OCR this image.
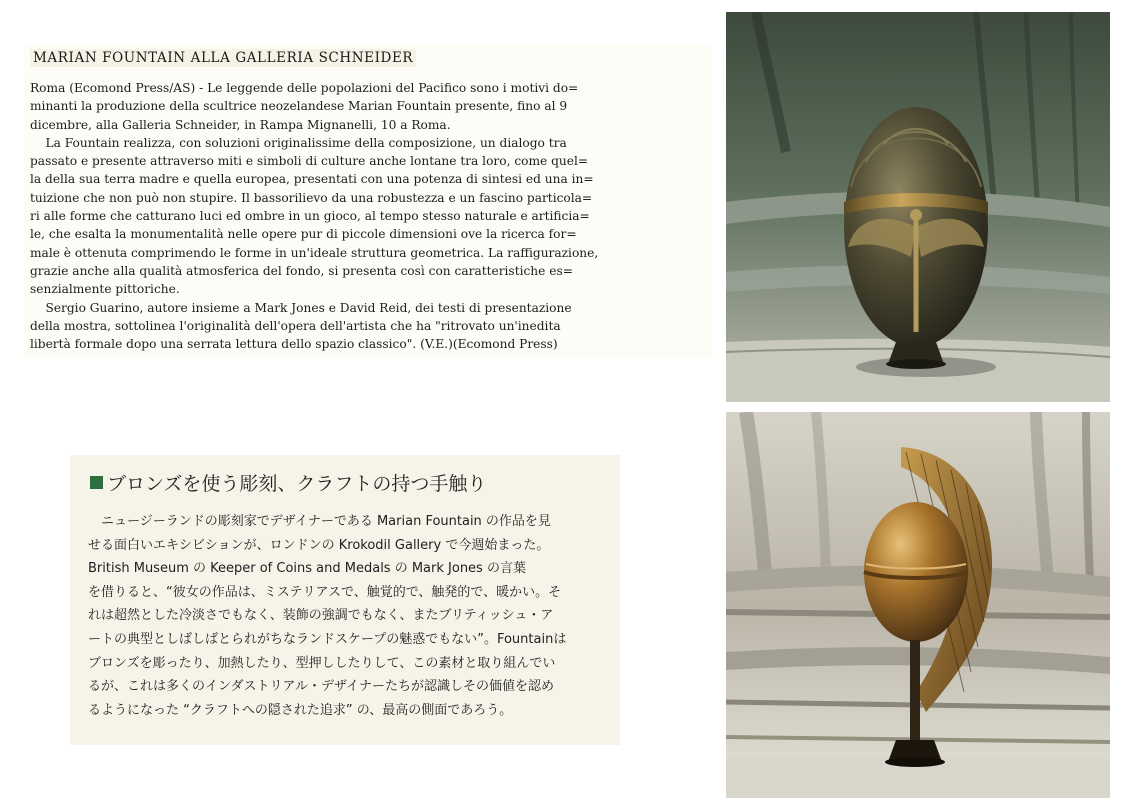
MARIAN FOUNTAIN ALLA GALLERIA SCHNEIDER
Roma (Ecomond Press/AS) - Le leggende delle popolazioni del Pacifico sono i motivi do=
minanti la produzione della scultrice neozelandese Marian Fountain presente, fino al 9
dicembre, alla Galleria Schneider, in Rampa Mignanelli, 10 a Roma.
La Fountain realizza, con soluzioni originalissime della composizione, un dialogo tra
passato e presente attraverso miti e simboli di culture anche lontane tra loro, come quel=
la della sua terra madre e quella europea, presentati con una potenza di sintesi ed una in=
tuizione che non può non stupire. Il bassorilievo da una robustezza e un fascino particola=
ri alle forme che catturano luci ed ombre in un gioco, al tempo stesso naturale e artificia=
le, che esalta la monumentalità nelle opere pur di piccole dimensioni ove la ricerca for=
male è ottenuta comprimendo le forme in un'ideale struttura geometrica. La raffigurazione,
grazie anche alla qualità atmosferica del fondo, si presenta così con caratteristiche es=
senzialmente pittoriche.
Sergio Guarino, autore insieme a Mark Jones e David Reid, dei testi di presentazione
della mostra, sottolinea l'originalità dell'opera dell'artista che ha "ritrovato un'inedita
libertà formale dopo una serrata lettura dello spazio classico". (V.E.)(Ecomond Press)
ブロンズを使う彫刻、クラフトの持つ手触り
　ニュージーランドの彫刻家でデザイナーである Marian Fountain の作品を見
せる面白いエキシビションが、ロンドンの Krokodil Gallery で今週始まった。
British Museum の Keeper of Coins and Medals の Mark Jones の言葉
を借りると、“彼女の作品は、ミステリアスで、触覚的で、触発的で、暖かい。そ
れは超然とした冷淡さでもなく、装飾の強調でもなく、またブリティッシュ・ア
ートの典型としばしばとられがちなランドスケープの魅惑でもない”。Fountainは
ブロンズを彫ったり、加熱したり、型押ししたりして、この素材と取り組んでい
るが、これは多くのインダストリアル・デザイナーたちが認識しその価値を認め
るようになった “クラフトへの隠された追求” の、最高の側面であろう。
